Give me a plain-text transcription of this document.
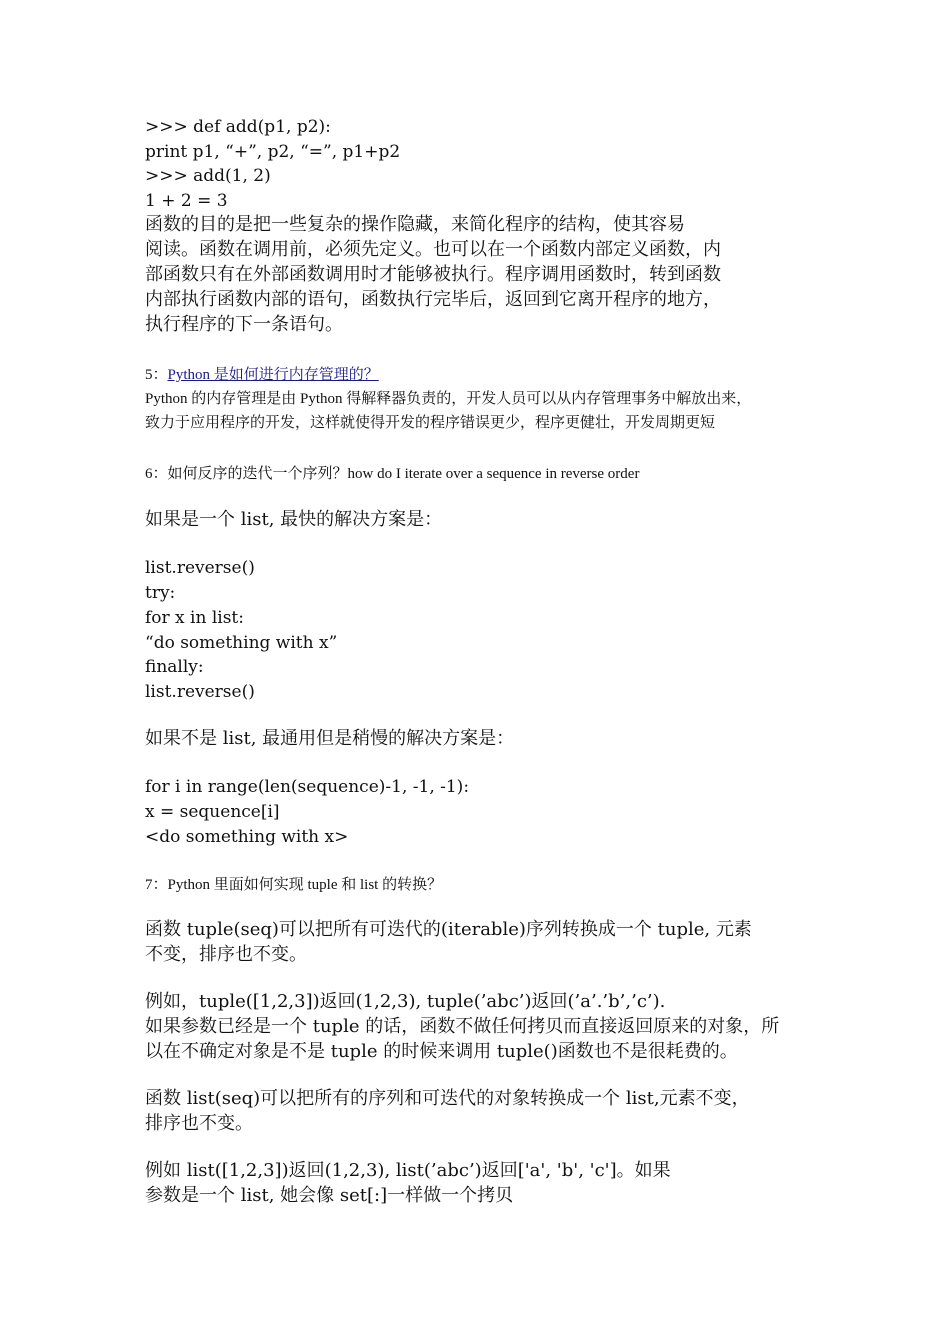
>>> def add(p1, p2):

print p1, “+”, p2, “=”, p1+p2

>>> add(1, 2)

1 + 2 = 3

函数的目的是把一些复杂的操作隐藏，来简化程序的结构，使其容易

阅读。函数在调用前，必须先定义。也可以在一个函数内部定义函数，内

部函数只有在外部函数调用时才能够被执行。程序调用函数时，转到函数

内部执行函数内部的语句，函数执行完毕后，返回到它离开程序的地方，

执行程序的下一条语句。

5：Python 是如何进行内存管理的？

Python 的内存管理是由 Python 得解释器负责的，开发人员可以从内存管理事务中解放出来，

致力于应用程序的开发，这样就使得开发的程序错误更少，程序更健壮，开发周期更短

6：如何反序的迭代一个序列？how do I iterate over a sequence in reverse order

如果是一个 list, 最快的解决方案是：

list.reverse()

try:

for x in list:

“do something with x”

finally:

list.reverse()

如果不是 list, 最通用但是稍慢的解决方案是：

for i in range(len(sequence)-1, -1, -1):

x = sequence[i]

<do something with x>

7：Python 里面如何实现 tuple 和 list 的转换？

函数 tuple(seq)可以把所有可迭代的(iterable)序列转换成一个 tuple, 元素

不变，排序也不变。

例如，tuple([1,2,3])返回(1,2,3), tuple(’abc’)返回(’a’.’b’,’c’).

如果参数已经是一个 tuple 的话，函数不做任何拷贝而直接返回原来的对象，所

以在不确定对象是不是 tuple 的时候来调用 tuple()函数也不是很耗费的。

函数 list(seq)可以把所有的序列和可迭代的对象转换成一个 list,元素不变，

排序也不变。

例如 list([1,2,3])返回(1,2,3), list(’abc’)返回['a', 'b', 'c']。如果

参数是一个 list, 她会像 set[:]一样做一个拷贝
